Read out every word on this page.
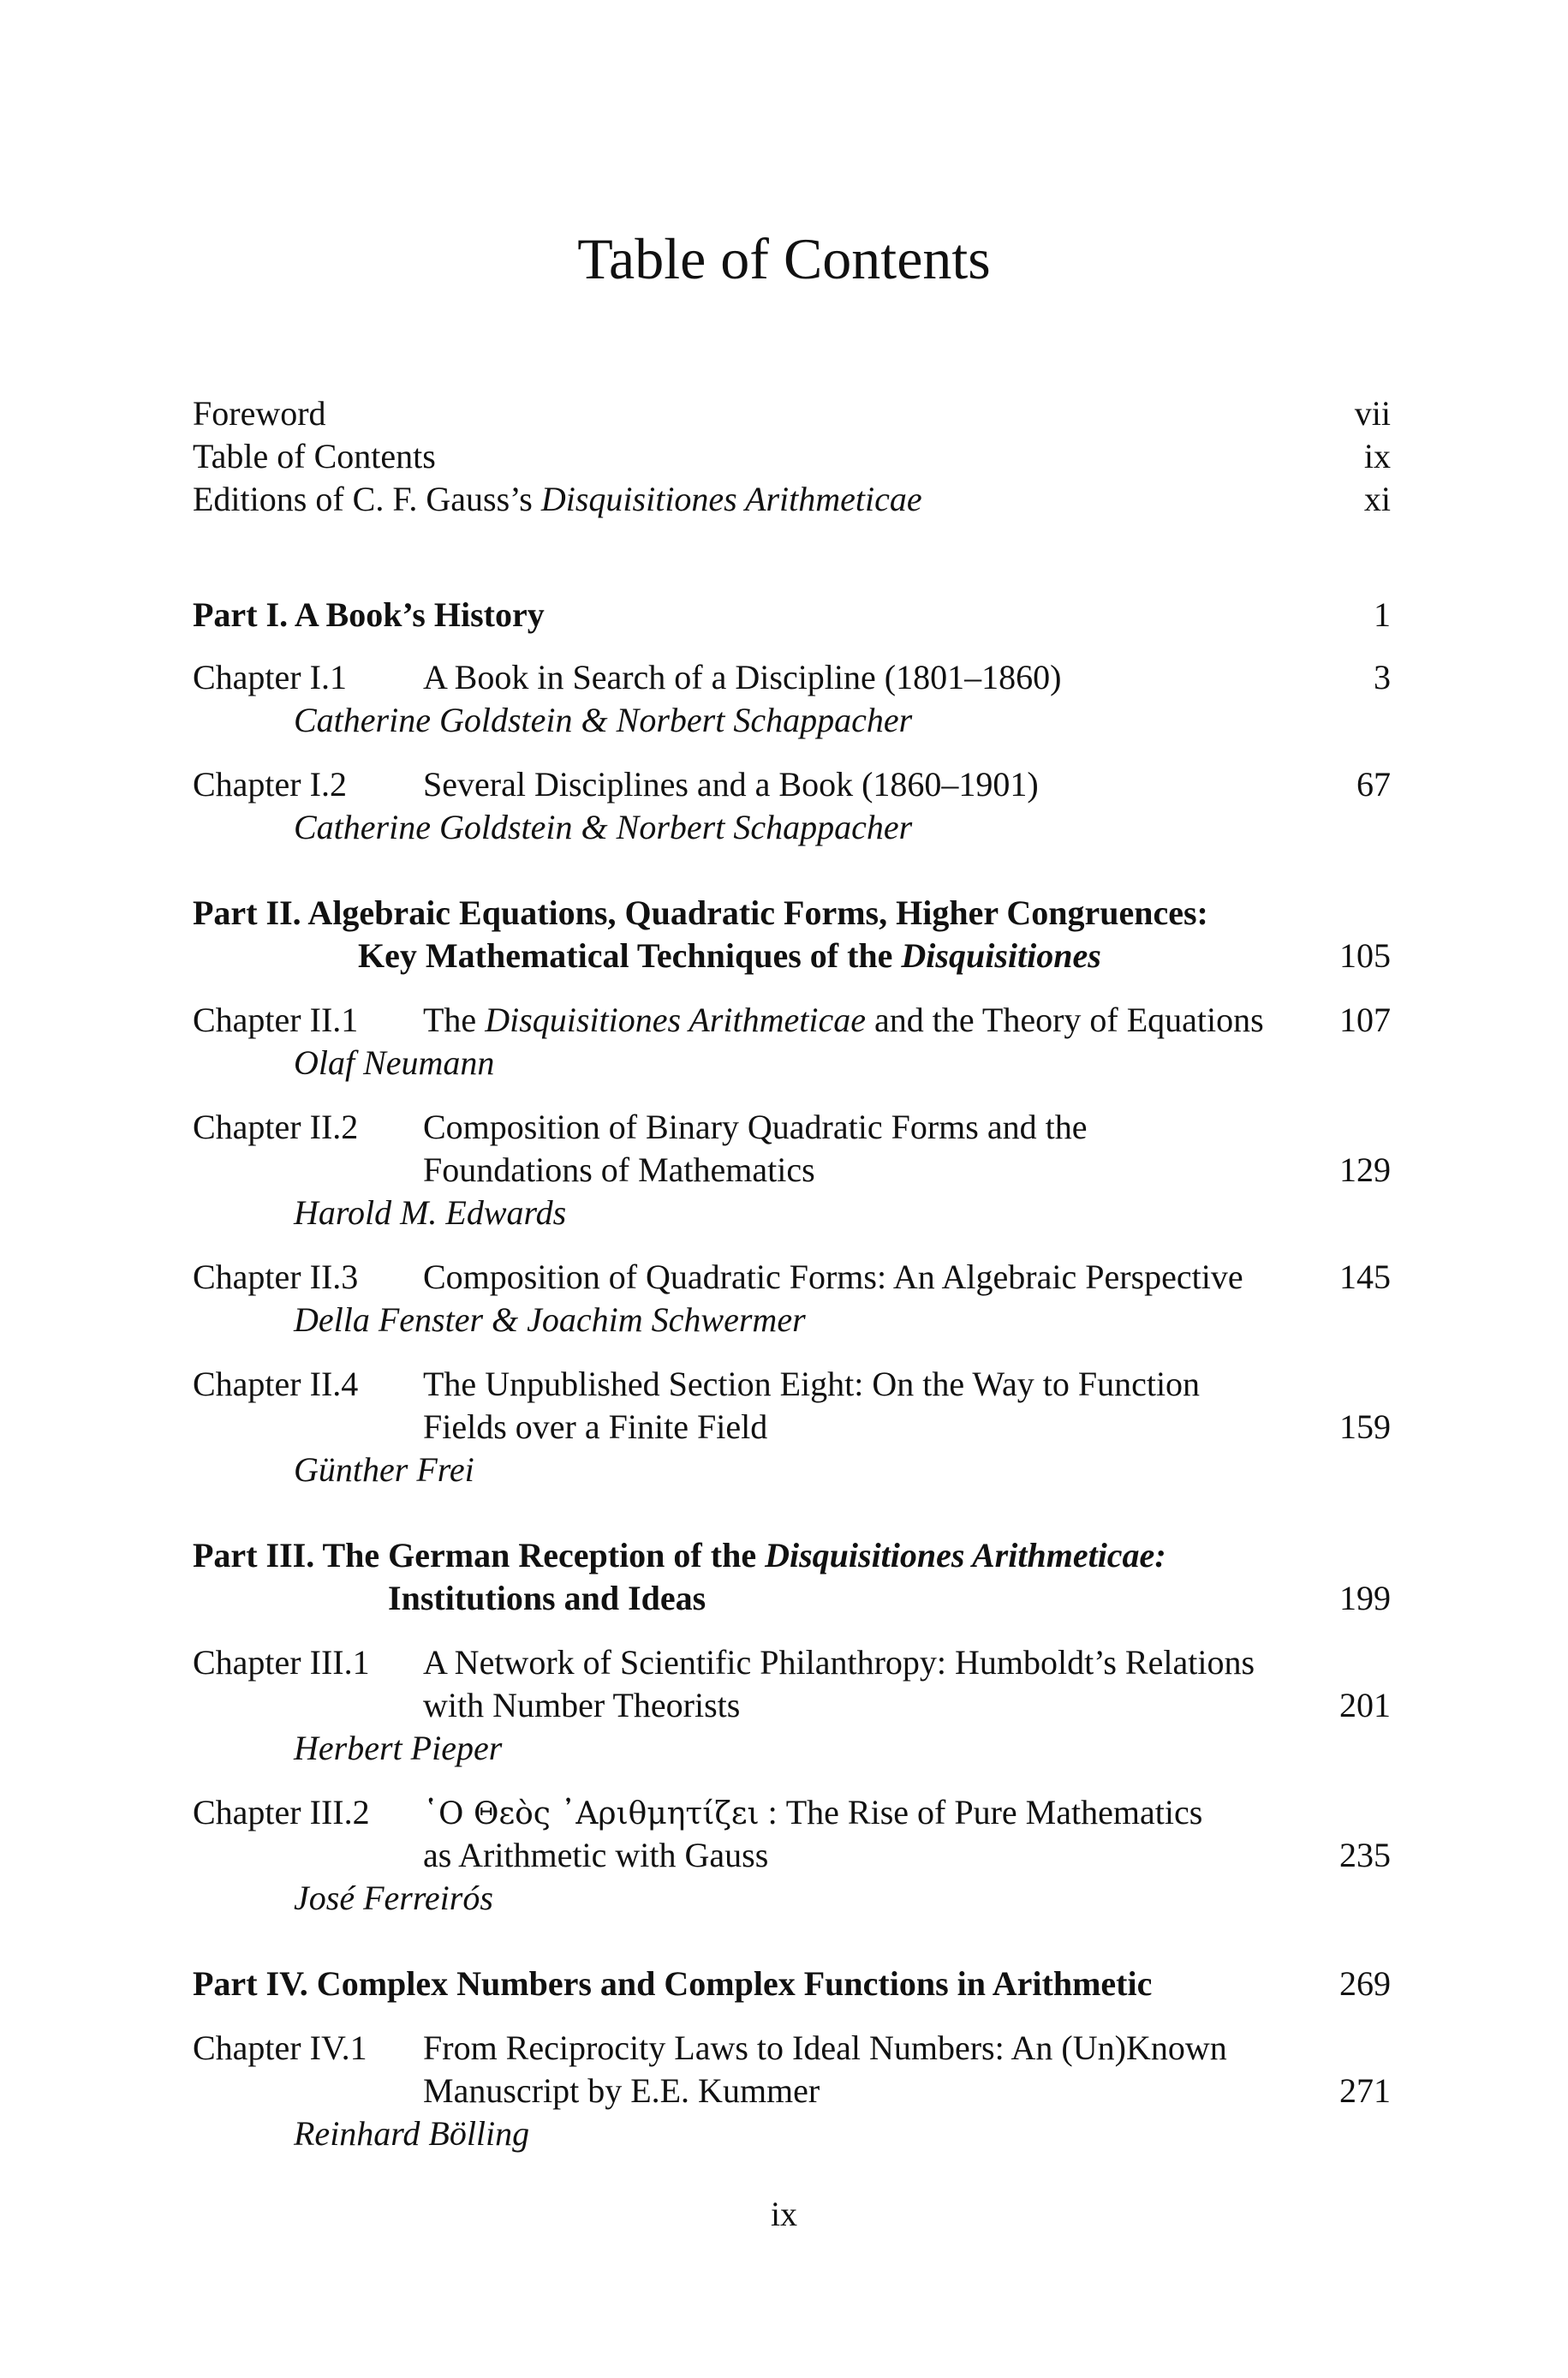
Table of Contents
Foreword	vii
Table of Contents	ix
Editions of C. F. Gauss’s Disquisitiones Arithmeticae	xi
Part I. A Book’s History	1
Chapter I.1 A Book in Search of a Discipline (1801–1860)	3
Catherine Goldstein & Norbert Schappacher
Chapter I.2 Several Disciplines and a Book (1860–1901)	67
Catherine Goldstein & Norbert Schappacher
Part II. Algebraic Equations, Quadratic Forms, Higher Congruences:
Key Mathematical Techniques of the Disquisitiones	105
Chapter II.1 The Disquisitiones Arithmeticae and the Theory of Equations 107
Olaf Neumann
Chapter II.2 Composition of Binary Quadratic Forms and the
Foundations of Mathematics	129
Harold M. Edwards
Chapter II.3 Composition of Quadratic Forms: An Algebraic Perspective	145
Della Fenster & Joachim Schwermer
Chapter II.4 The Unpublished Section Eight: On the Way to Function
Fields over a Finite Field	159
Günther Frei
Part III. The German Reception of the Disquisitiones Arithmeticae:
Institutions and Ideas	199
Chapter III.1 A Network of Scientific Philanthropy: Humboldt’s Relations
with Number Theorists	201
Herbert Pieper
Chapter III.2 ῾Ο Θεὸς ᾿Αριθμητίζει : The Rise of Pure Mathematics
as Arithmetic with Gauss	235
José Ferreirós
Part IV. Complex Numbers and Complex Functions in Arithmetic	269
Chapter IV.1 From Reciprocity Laws to Ideal Numbers: An (Un)Known
Manuscript by E.E. Kummer	271
Reinhard Bölling
ix
